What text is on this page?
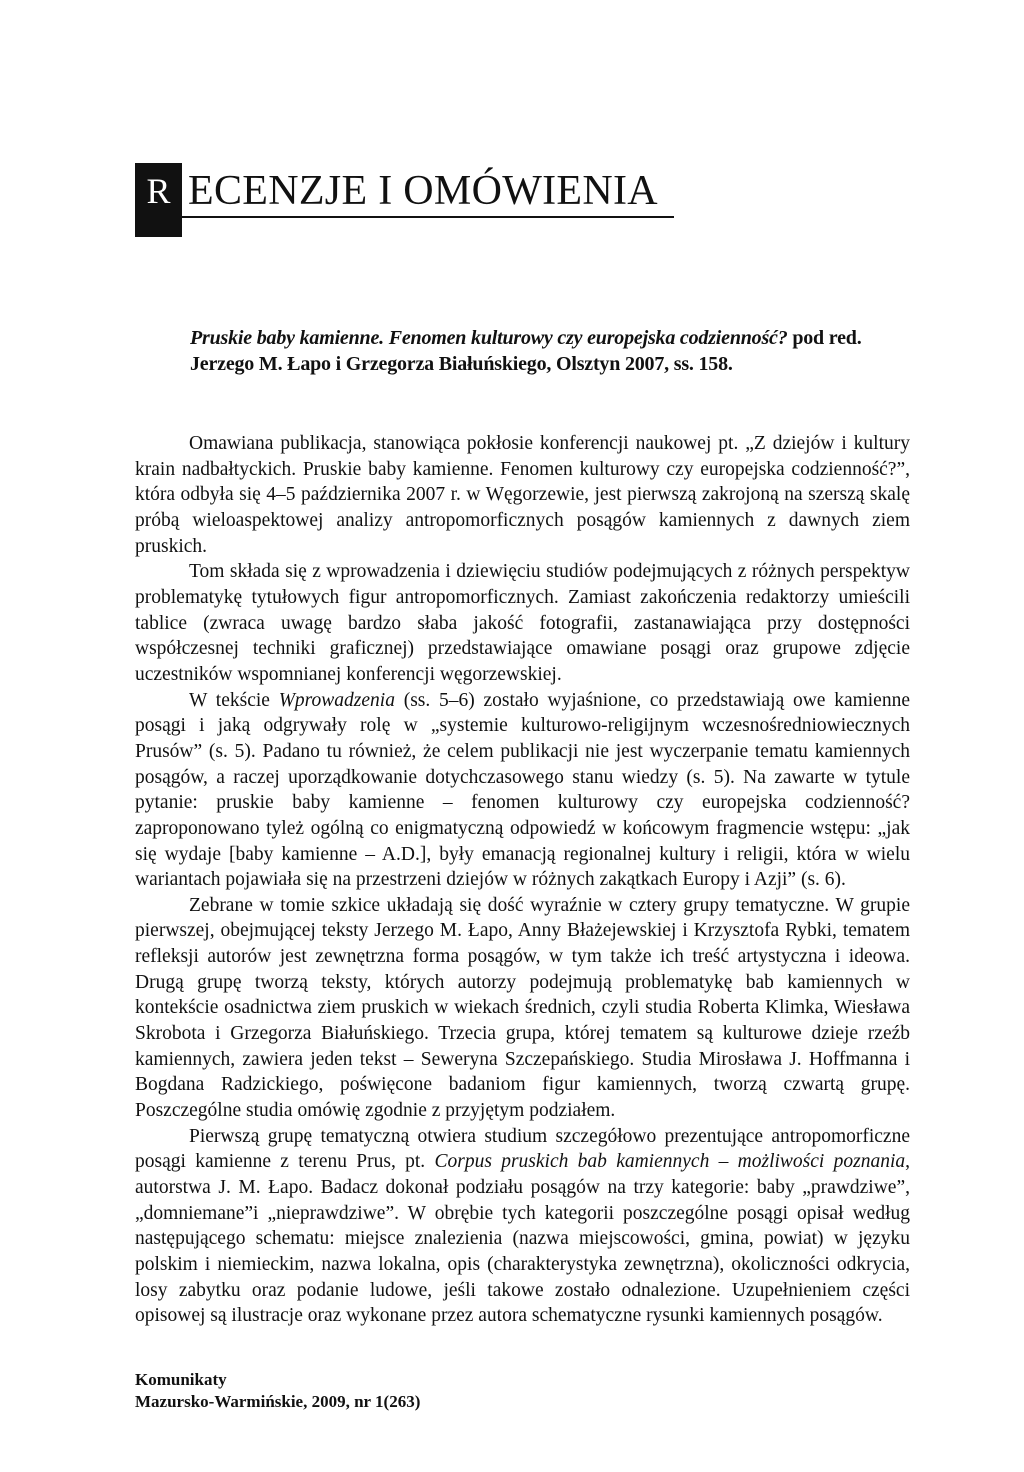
R ECENZJE I OMÓWIENIA
Pruskie baby kamienne. Fenomen kulturowy czy europejska codzienność? pod red. Jerzego M. Łapo i Grzegorza Białuńskiego, Olsztyn 2007, ss. 158.

Omawiana publikacja, stanowiąca pokłosie konferencji naukowej pt. „Z dziejów i kultury krain nadbałtyckich. Pruskie baby kamienne. Fenomen kulturowy czy europejska codzienność?”, która odbyła się 4–5 października 2007 r. w Węgorzewie, jest pierwszą zakrojoną na szerszą skalę próbą wieloaspektowej analizy antropomorficznych posągów kamiennych z dawnych ziem pruskich.

Tom składa się z wprowadzenia i dziewięciu studiów podejmujących z różnych perspektyw problematykę tytułowych figur antropomorficznych. Zamiast zakończenia redaktorzy umieścili tablice (zwraca uwagę bardzo słaba jakość fotografii, zastanawiająca przy dostępności współczesnej techniki graficznej) przedstawiające omawiane posągi oraz grupowe zdjęcie uczestników wspomnianej konferencji węgorzewskiej.

W tekście Wprowadzenia (ss. 5–6) zostało wyjaśnione, co przedstawiają owe kamienne posągi i jaką odgrywały rolę w „systemie kulturowo-religijnym wczesnośredniowiecznych Prusów” (s. 5). Padano tu również, że celem publikacji nie jest wyczerpanie tematu kamiennych posągów, a raczej uporządkowanie dotychczasowego stanu wiedzy (s. 5). Na zawarte w tytule pytanie: pruskie baby kamienne – fenomen kulturowy czy europejska codzienność? zaproponowano tyleż ogólną co enigmatyczną odpowiedź w końcowym fragmencie wstępu: „jak się wydaje [baby kamienne – A.D.], były emanacją regionalnej kultury i religii, która w wielu wariantach pojawiała się na przestrzeni dziejów w różnych zakątkach Europy i Azji” (s. 6).

Zebrane w tomie szkice układają się dość wyraźnie w cztery grupy tematyczne. W grupie pierwszej, obejmującej teksty Jerzego M. Łapo, Anny Błażejewskiej i Krzysztofa Rybki, tematem refleksji autorów jest zewnętrzna forma posągów, w tym także ich treść artystyczna i ideowa. Drugą grupę tworzą teksty, których autorzy podejmują problematykę bab kamiennych w kontekście osadnictwa ziem pruskich w wiekach średnich, czyli studia Roberta Klimka, Wiesława Skrobota i Grzegorza Białuńskiego. Trzecia grupa, której tematem są kulturowe dzieje rzeźb kamiennych, zawiera jeden tekst – Seweryna Szczepańskiego. Studia Mirosława J. Hoffmanna i Bogdana Radzickiego, poświęcone badaniom figur kamiennych, tworzą czwartą grupę. Poszczególne studia omówię zgodnie z przyjętym podziałem.

Pierwszą grupę tematyczną otwiera studium szczegółowo prezentujące antropomorficzne posągi kamienne z terenu Prus, pt. Corpus pruskich bab kamiennych – możliwości poznania, autorstwa J. M. Łapo. Badacz dokonał podziału posągów na trzy kategorie: baby „prawdziwe”, „domniemane”i „nieprawdziwe”. W obrębie tych kategorii poszczególne posągi opisał według następującego schematu: miejsce znalezienia (nazwa miejscowości, gmina, powiat) w języku polskim i niemieckim, nazwa lokalna, opis (charakterystyka zewnętrzna), okoliczności odkrycia, losy zabytku oraz podanie ludowe, jeśli takowe zostało odnalezione. Uzupełnieniem części opisowej są ilustracje oraz wykonane przez autora schematyczne rysunki kamiennych posągów.

Komunikaty
Mazursko-Warmińskie, 2009, nr 1(263)
